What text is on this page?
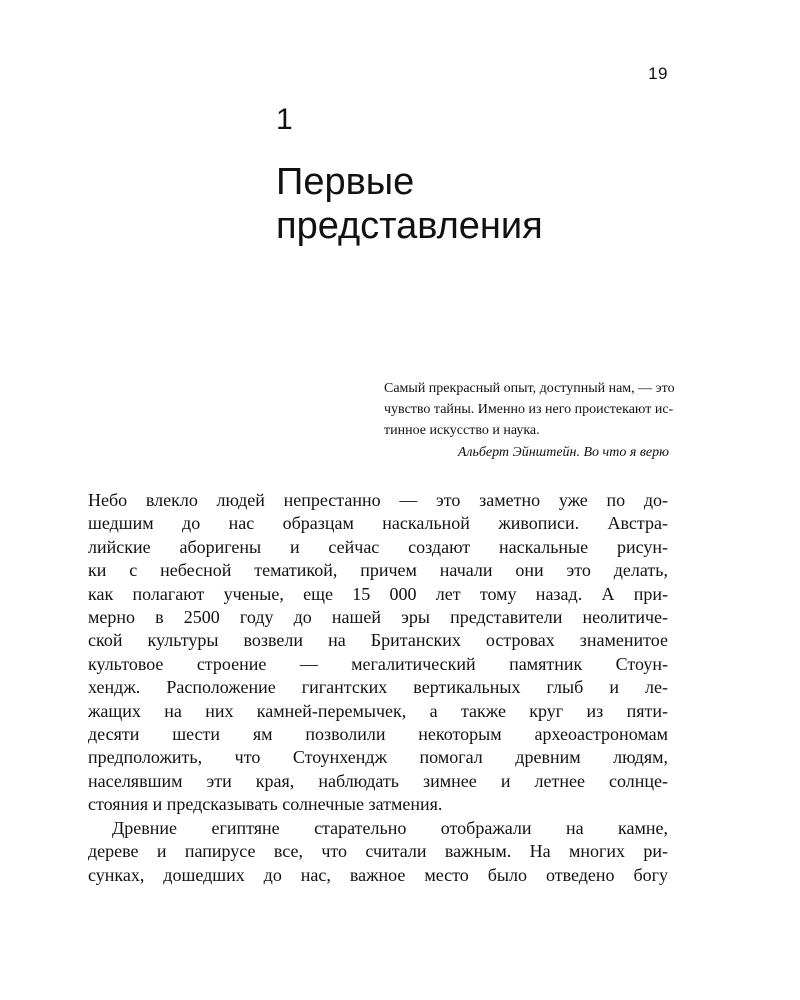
19
1
Первые
представления
Самый прекрасный опыт, доступный нам, — это
чувство тайны. Именно из него проистекают ис-
тинное искусство и наука.
Альберт Эйнштейн. Во что я верю
Небо влекло людей непрестанно — это заметно уже по до-
шедшим до нас образцам наскальной живописи. Австра-
лийские аборигены и сейчас создают наскальные рисун-
ки с небесной тематикой, причем начали они это делать,
как полагают ученые, еще 15 000 лет тому назад. А при-
мерно в 2500 году до нашей эры представители неолитиче-
ской культуры возвели на Британских островах знаменитое
культовое строение — мегалитический памятник Стоун-
хендж. Расположение гигантских вертикальных глыб и ле-
жащих на них камней-перемычек, а также круг из пяти-
десяти шести ям позволили некоторым археоастрономам
предположить, что Стоунхендж помогал древним людям,
населявшим эти края, наблюдать зимнее и летнее солнце-
стояния и предсказывать солнечные затмения.
Древние египтяне старательно отображали на камне,
дереве и папирусе все, что считали важным. На многих ри-
сунках, дошедших до нас, важное место было отведено богу
